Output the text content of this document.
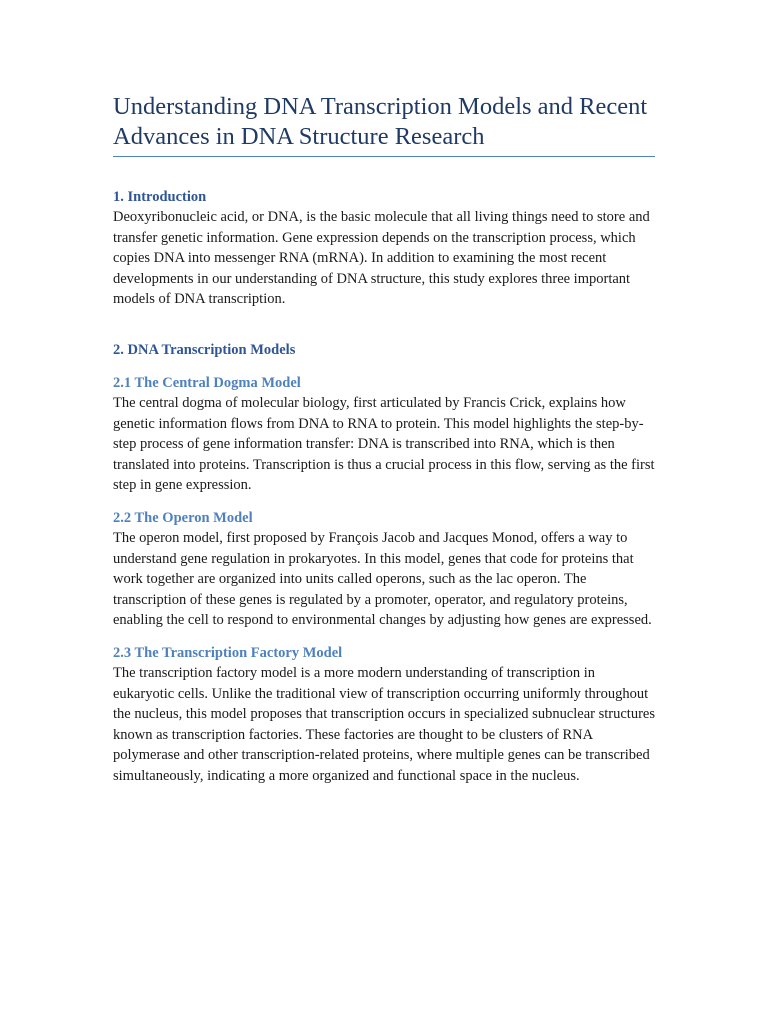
Understanding DNA Transcription Models and Recent Advances in DNA Structure Research
1. Introduction

Deoxyribonucleic acid, or DNA, is the basic molecule that all living things need to store and transfer genetic information. Gene expression depends on the transcription process, which copies DNA into messenger RNA (mRNA). In addition to examining the most recent developments in our understanding of DNA structure, this study explores three important models of DNA transcription.

2. DNA Transcription Models
2.1 The Central Dogma Model

The central dogma of molecular biology, first articulated by Francis Crick, explains how genetic information flows from DNA to RNA to protein. This model highlights the step-by-step process of gene information transfer: DNA is transcribed into RNA, which is then translated into proteins. Transcription is thus a crucial process in this flow, serving as the first step in gene expression.

2.2 The Operon Model

The operon model, first proposed by François Jacob and Jacques Monod, offers a way to understand gene regulation in prokaryotes. In this model, genes that code for proteins that work together are organized into units called operons, such as the lac operon. The transcription of these genes is regulated by a promoter, operator, and regulatory proteins, enabling the cell to respond to environmental changes by adjusting how genes are expressed.

2.3 The Transcription Factory Model

The transcription factory model is a more modern understanding of transcription in eukaryotic cells. Unlike the traditional view of transcription occurring uniformly throughout the nucleus, this model proposes that transcription occurs in specialized subnuclear structures known as transcription factories. These factories are thought to be clusters of RNA polymerase and other transcription-related proteins, where multiple genes can be transcribed simultaneously, indicating a more organized and functional space in the nucleus.
